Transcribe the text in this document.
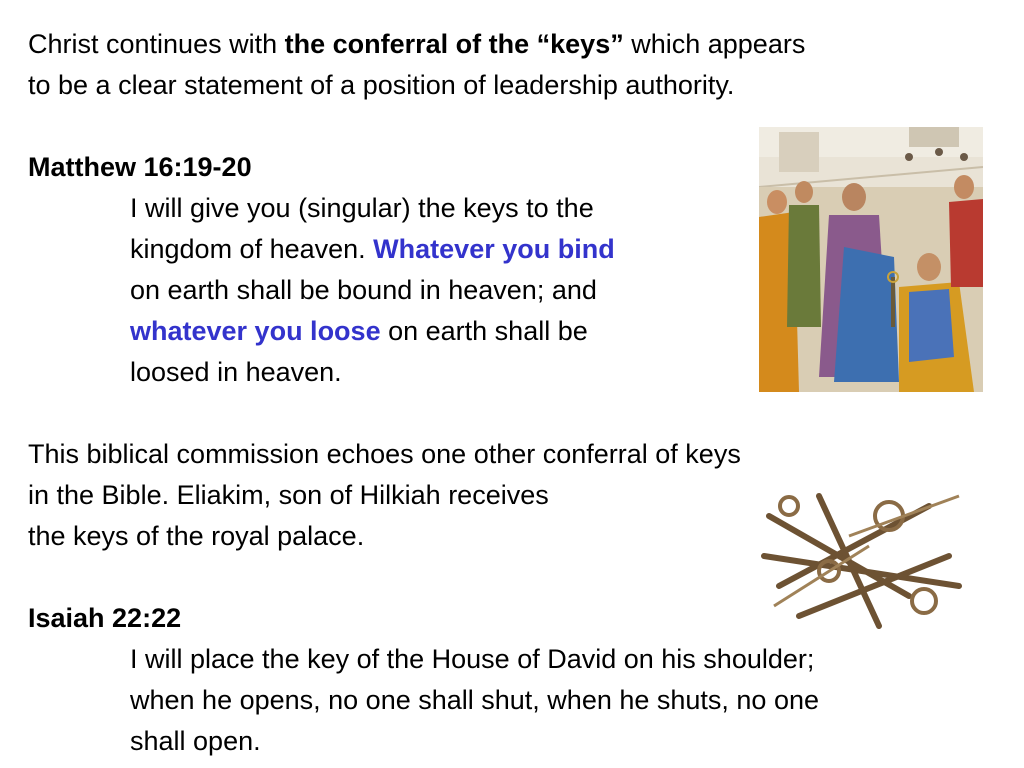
Christ continues with the conferral of the “keys” which appears
to be a clear statement of a position of leadership authority.
Matthew 16:19-20
I will give you (singular) the keys to the
kingdom of heaven. Whatever you bind
on earth shall be bound in heaven; and
whatever you loose on earth shall be
loosed in heaven.
This biblical commission echoes one other conferral of keys
in the Bible. Eliakim, son of Hilkiah receives
the keys of the royal palace.
Isaiah 22:22
I will place the key of the House of David on his shoulder;
when he opens, no one shall shut, when he shuts, no one
shall open.
